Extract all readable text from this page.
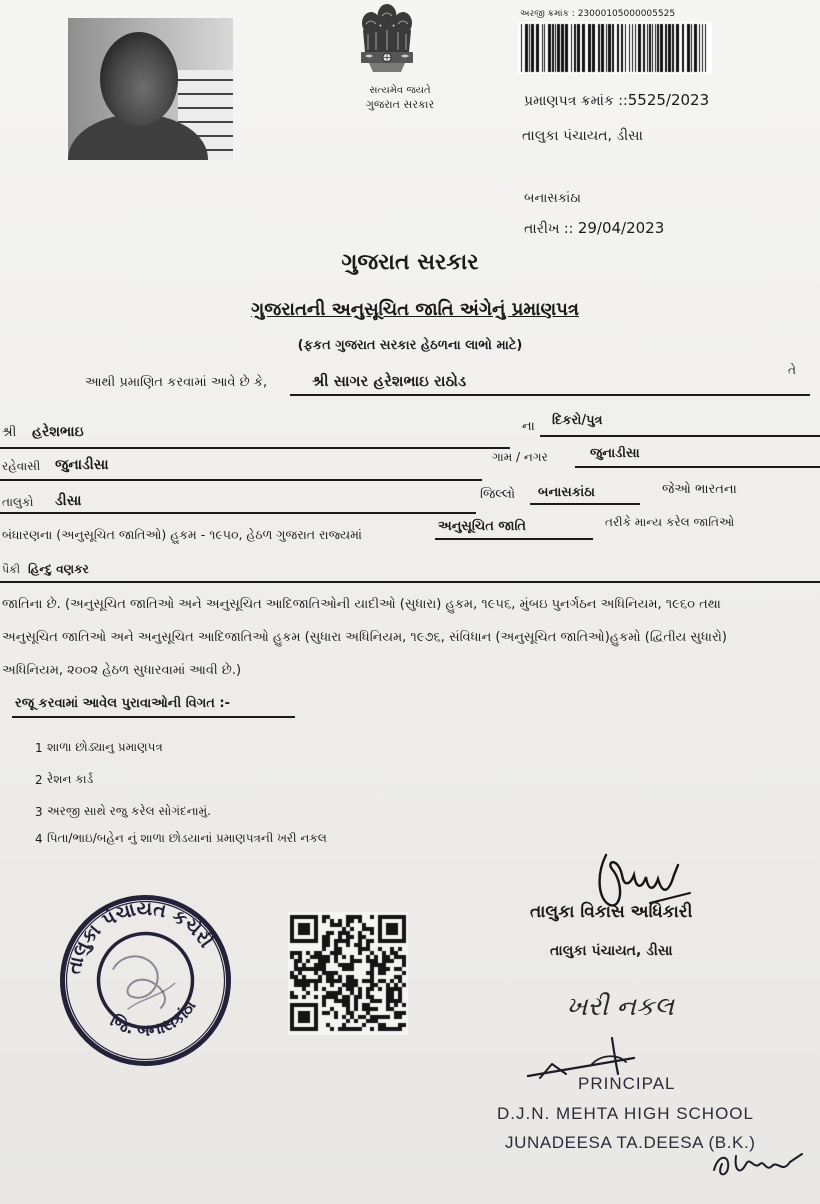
સત્યમેવ જયતે
ગુજરાત સરકાર
અરજી ક્રમાંક : 23000105000005525
પ્રમાણપત્ર ક્રમાંક ::5525/2023
તાલુકા પંચાયત, ડીસા
બનાસકાંઠા
તારીખ :: 29/04/2023
ગુજરાત સરકાર
ગુજરાતની અનુસૂચિત જાતિ અંગેનું પ્રમાણપત્ર
(ફકત ગુજરાત સરકાર હેઠળના લાભો માટે)
આથી પ્રમાણિત કરવામાં આવે છે કે,	શ્રી સાગર હરેશભાઇ રાઠોડ
તે
શ્રી	હરેશભાઇ	ના	દિકરો/પુત્ર
રહેવાસી	જુનાડીસા	ગામ / નગર	જુનાડીસા
તાલુકો	ડીસા	જિલ્લો	બનાસકાંઠા	જેઓ ભારતના
બંધારણના (અનુસૂચિત જાતિઓ) હુકમ - ૧૯૫૦, હેઠળ ગુજરાત રાજ્યમાં
અનુસૂચિત જાતિ	તરીકે માન્ય કરેલ જાતિઓ
પૈકી હિન્દુ વણકર
જાતિના છે. (અનુસૂચિત જાતિઓ અને અનુસૂચિત આદિજાતિઓની યાદીઓ (સુધારા) હુકમ, ૧૯૫૬, મુંબઇ પુનર્ગઠન અધિનિયમ, ૧૯૬૦ તથા
અનુસૂચિત જાતિઓ અને અનુસૂચિત આદિજાતિઓ હુકમ (સુધારા અધિનિયમ, ૧૯૭૬, સંવિધાન (અનુસૂચિત જાતિઓ)હુકમો (દ્વિતીય સુધારો)
અધિનિયમ, ૨૦૦૨ હેઠળ સુધારવામાં આવી છે.)
રજૂ કરવામાં આવેલ પુરાવાઓની વિગત :-
1 શાળા છોડ્યાનુ પ્રમાણપત્ર
2 રેશન કાર્ડ
3 અરજી સાથે રજુ કરેલ સોગંદનામું.
4 પિતા/ભાઇ/બહેન નું શાળા છોડયાનાં પ્રમાણપત્રની ખરી નકલ
તાલુકા પંચાયત કચેરી
જિ. બનાસકાંઠા
તાલુકા વિકાસ અધિકારી
તાલુકા પંચાયત, ડીસા
ખરી નકલ
PRINCIPAL
D.J.N. MEHTA HIGH SCHOOL
JUNADEESA TA.DEESA (B.K.)
